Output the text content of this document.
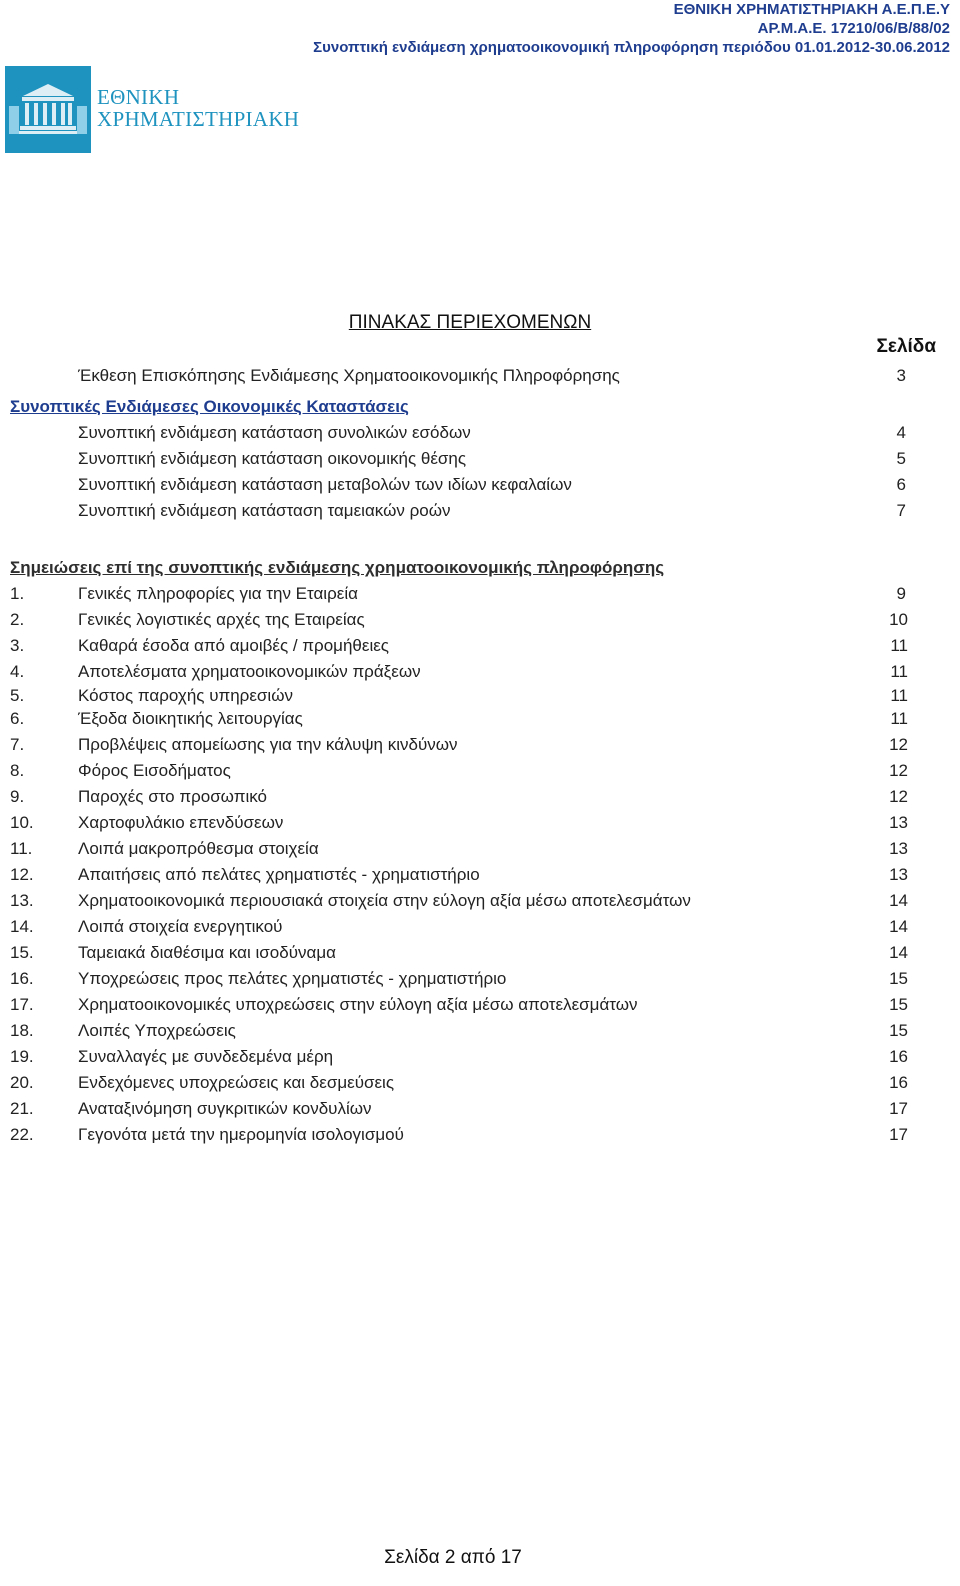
ΕΘΝΙΚΗ ΧΡΗΜΑΤΙΣΤΗΡΙΑΚΗ Α.Ε.Π.Ε.Υ
ΑΡ.Μ.Α.Ε. 17210/06/Β/88/02
Συνοπτική ενδιάμεση χρηματοοικονομική πληροφόρηση περιόδου 01.01.2012-30.06.2012
ΕΘΝΙΚΗ
ΧΡΗΜΑΤΙΣΤΗΡΙΑΚΗ
ΠΙΝΑΚΑΣ ΠΕΡΙΕΧΟΜΕΝΩΝ
Σελίδα
Έκθεση Επισκόπησης Ενδιάμεσης Χρηματοοικονομικής Πληροφόρησης	3
Συνοπτικές Ενδιάμεσες Οικονομικές Καταστάσεις
Συνοπτική ενδιάμεση κατάσταση συνολικών εσόδων	4
Συνοπτική ενδιάμεση κατάσταση οικονομικής θέσης	5
Συνοπτική ενδιάμεση κατάσταση μεταβολών των ιδίων κεφαλαίων	6
Συνοπτική ενδιάμεση κατάσταση ταμειακών ροών	7
Σημειώσεις επί της συνοπτικής ενδιάμεσης χρηματοοικονομικής πληροφόρησης
1.	Γενικές πληροφορίες για την Εταιρεία	9
2.	Γενικές λογιστικές αρχές της Εταιρείας	10
3.	Καθαρά έσοδα από αμοιβές / προμήθειες	11
4.	Αποτελέσματα χρηματοοικονομικών πράξεων	11
5.	Κόστος παροχής υπηρεσιών	11
6.	Έξοδα διοικητικής λειτουργίας	11
7.	Προβλέψεις απομείωσης για την κάλυψη κινδύνων	12
8.	Φόρος Εισοδήματος	12
9.	Παροχές στο προσωπικό	12
10.	Χαρτοφυλάκιο επενδύσεων	13
11.	Λοιπά μακροπρόθεσμα στοιχεία	13
12.	Απαιτήσεις από πελάτες χρηματιστές - χρηματιστήριο	13
13.	Χρηματοοικονομικά περιουσιακά στοιχεία στην εύλογη αξία μέσω αποτελεσμάτων	14
14.	Λοιπά στοιχεία ενεργητικού	14
15.	Ταμειακά διαθέσιμα και ισοδύναμα	14
16.	Υποχρεώσεις προς πελάτες χρηματιστές - χρηματιστήριο	15
17.	Χρηματοοικονομικές υποχρεώσεις στην εύλογη αξία μέσω αποτελεσμάτων	15
18.	Λοιπές Υποχρεώσεις	15
19.	Συναλλαγές με συνδεδεμένα μέρη	16
20.	Ενδεχόμενες υποχρεώσεις και δεσμεύσεις	16
21.	Αναταξινόμηση συγκριτικών κονδυλίων	17
22.	Γεγονότα μετά την ημερομηνία ισολογισμού	17
Σελίδα 2 από 17
